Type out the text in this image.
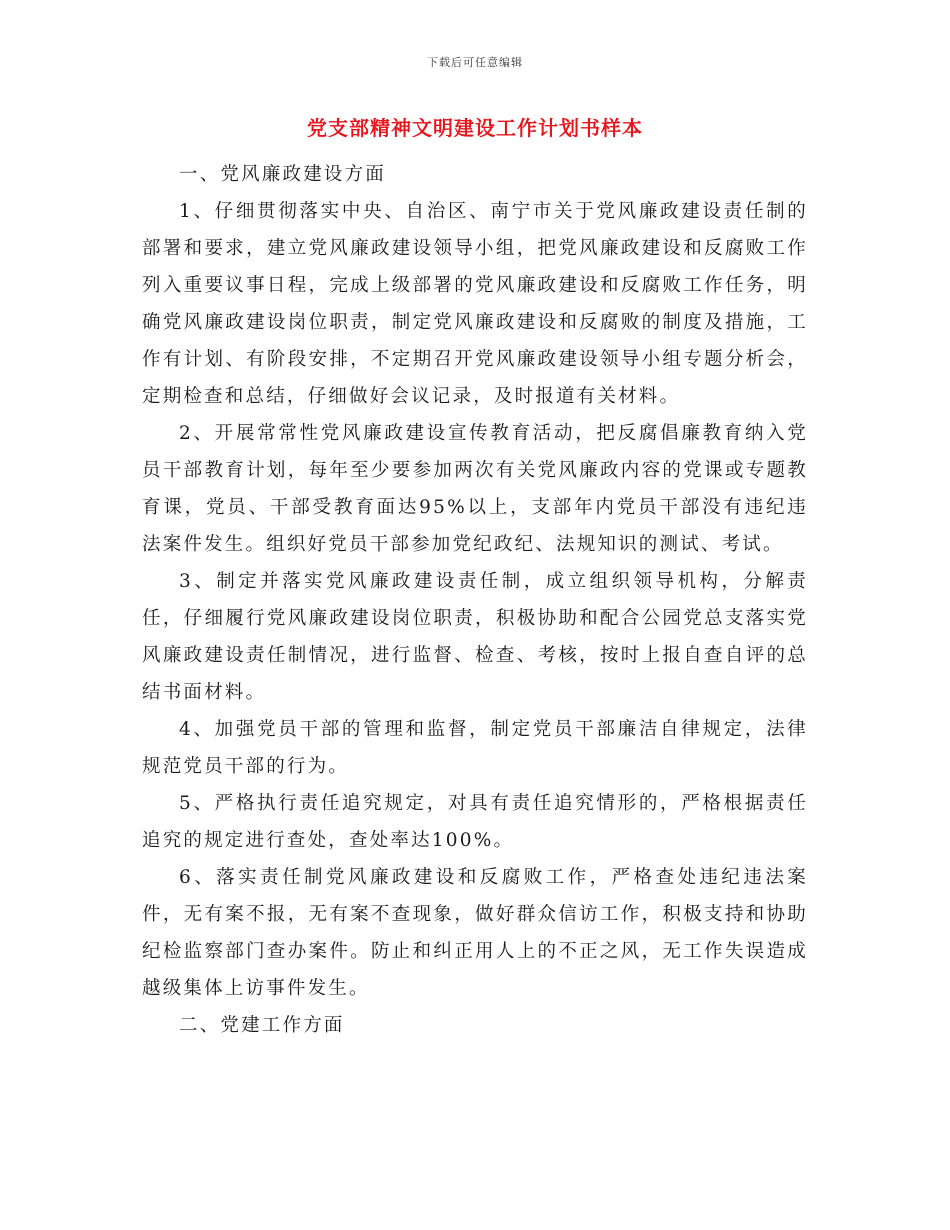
下载后可任意编辑
党支部精神文明建设工作计划书样本

一、党风廉政建设方面

1、仔细贯彻落实中央、自治区、南宁市关于党风廉政建设责任制的部署和要求，建立党风廉政建设领导小组，把党风廉政建设和反腐败工作列入重要议事日程，完成上级部署的党风廉政建设和反腐败工作任务，明确党风廉政建设岗位职责，制定党风廉政建设和反腐败的制度及措施，工作有计划、有阶段安排，不定期召开党风廉政建设领导小组专题分析会，定期检查和总结，仔细做好会议记录，及时报道有关材料。

2、开展常常性党风廉政建设宣传教育活动，把反腐倡廉教育纳入党员干部教育计划，每年至少要参加两次有关党风廉政内容的党课或专题教育课，党员、干部受教育面达95%以上，支部年内党员干部没有违纪违法案件发生。组织好党员干部参加党纪政纪、法规知识的测试、考试。

3、制定并落实党风廉政建设责任制，成立组织领导机构，分解责任，仔细履行党风廉政建设岗位职责，积极协助和配合公园党总支落实党风廉政建设责任制情况，进行监督、检查、考核，按时上报自查自评的总结书面材料。

4、加强党员干部的管理和监督，制定党员干部廉洁自律规定，法律规范党员干部的行为。

5、严格执行责任追究规定，对具有责任追究情形的，严格根据责任追究的规定进行查处，查处率达100%。

6、落实责任制党风廉政建设和反腐败工作，严格查处违纪违法案件，无有案不报，无有案不查现象，做好群众信访工作，积极支持和协助纪检监察部门查办案件。防止和纠正用人上的不正之风，无工作失误造成越级集体上访事件发生。

二、党建工作方面
